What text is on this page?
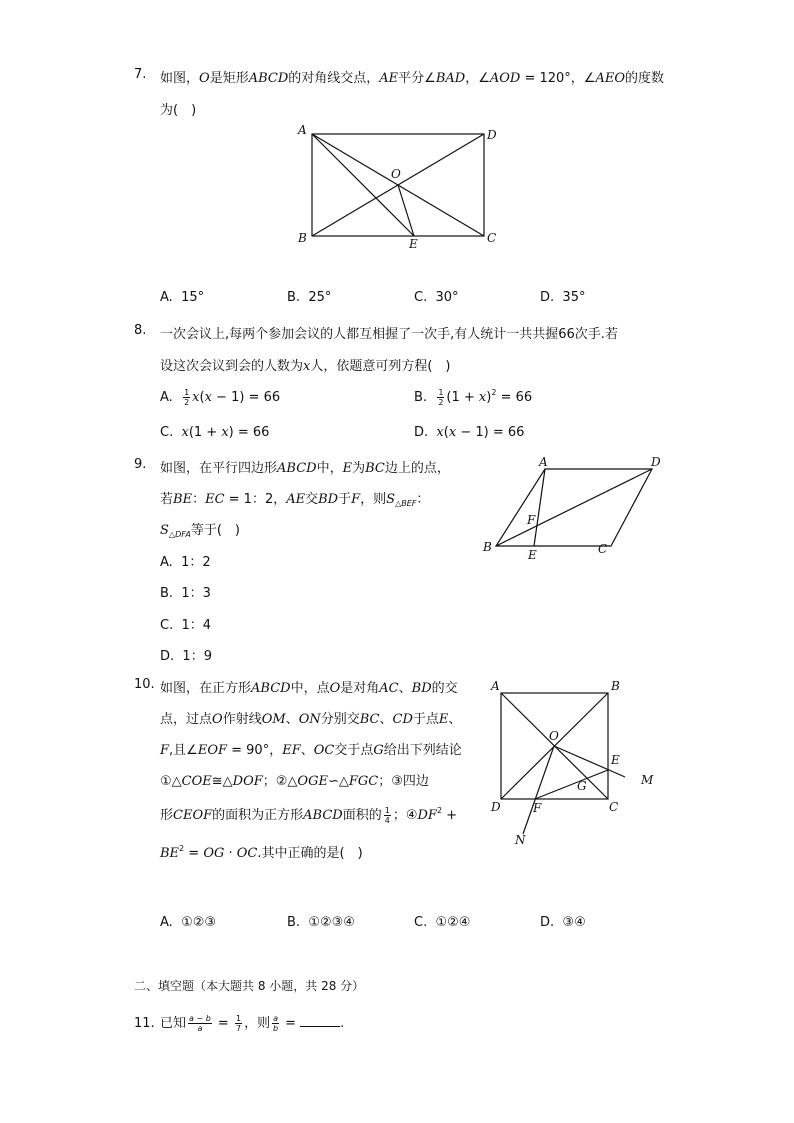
7. 如图，O是矩形ABCD的对角线交点，AE平分∠BAD，∠AOD = 120°，∠AEO的度数
为(　)
A	D
O
B	E	C
A. 15°	B. 25°	C. 30°	D. 35°
8. 一次会议上,每两个参加会议的人都互相握了一次手,有人统计一共共握66次手.若
设这次会议到会的人数为x人，依题意可列方程(　)
A. $\frac{1}{2} x(x - 1) = 66$	B. $\frac{1}{2} (1 + x)^2 = 66$
C. x(1 + x) = 66	D. x(x − 1) = 66
9. 如图，在平行四边形ABCD中，E为BC边上的点，
若BE：EC = 1：2，AE交BD于F，则$S_{\triangle BEF}$：
$S_{\triangle DFA}$等于(　)
A	D
F
B
E	C
A. 1：2
B. 1：3
C. 1：4
D. 1：9
10. 如图，在正方形ABCD中，点O是对角AC、BD的交
点，过点O作射线OM、ON分别交BC、CD于点E、
F,且∠EOF = 90°，EF、OC交于点G给出下列结论
①△COE≅△DOF；②△OGE∽△FGC；③四边
形CEOF的面积为正方形ABCD面积的 $\frac{1}{4}$ ；$④DF^2$ +
$BE^2$ = OG · OC.其中正确的是(　)
A	B
O
E
M
G
D	F	C
N
A. ①②③	B. ①②③④	C. ①②④	D. ③④
二、填空题（本大题共 8 小题，共 28 分）
11. 已知 $\frac{a - b}{a} = \frac{1}{7}$ ，则 $\frac{a}{b}$ =	.
